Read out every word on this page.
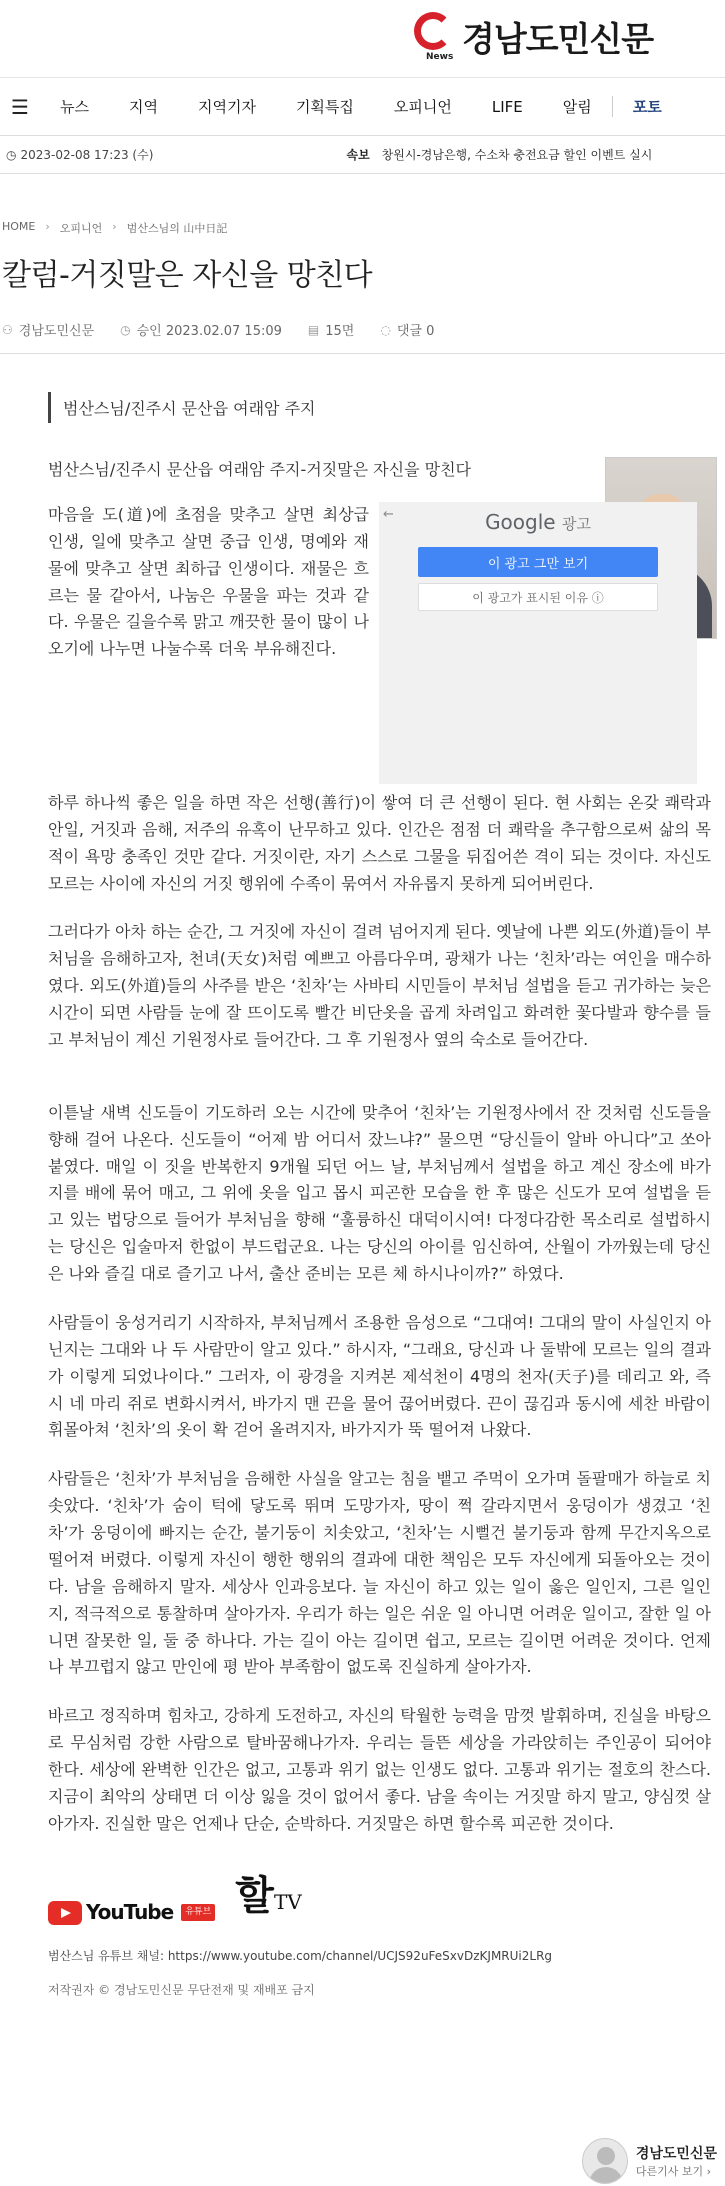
News 경남도민신문
☰	뉴스	지역	지역기자	기획특집	오피니언	LIFE	알림	포토
◷ 2023-02-08 17:23 (수)	속보 창원시-경남은행, 수소차 충전요금 할인 이벤트 실시
HOME › 오피니언 › 범산스님의 山中日記
칼럼-거짓말은 자신을 망친다
⚇ 경남도민신문 ◷ 승인 2023.02.07 15:09 ▤ 15면 ◌ 댓글 0
범산스님/진주시 문산읍 여래암 주지

범산스님/진주시 문산읍 여래암 주지-거짓말은 자신을 망친다

←	Google 광고
이 광고 그만 보기
이 광고가 표시된 이유 ⓘ

마음을 도(道)에 초점을 맞추고 살면 최상급 인생, 일에 맞추고 살면 중급 인생, 명예와 재물에 맞추고 살면 최하급 인생이다. 재물은 흐르는 물 같아서, 나눔은 우물을 파는 것과 같다. 우물은 길을수록 맑고 깨끗한 물이 많이 나오기에 나누면 나눌수록 더욱 부유해진다.

하루 하나씩 좋은 일을 하면 작은 선행(善行)이 쌓여 더 큰 선행이 된다. 현 사회는 온갖 쾌락과 안일, 거짓과 음해, 저주의 유혹이 난무하고 있다. 인간은 점점 더 쾌락을 추구함으로써 삶의 목적이 욕망 충족인 것만 같다. 거짓이란, 자기 스스로 그물을 뒤집어쓴 격이 되는 것이다. 자신도 모르는 사이에 자신의 거짓 행위에 수족이 묶여서 자유롭지 못하게 되어버린다.

그러다가 아차 하는 순간, 그 거짓에 자신이 걸려 넘어지게 된다. 옛날에 나쁜 외도(外道)들이 부처님을 음해하고자, 천녀(天女)처럼 예쁘고 아름다우며, 광채가 나는 ‘친차’라는 여인을 매수하였다. 외도(外道)들의 사주를 받은 ‘친차’는 사바티 시민들이 부처님 설법을 듣고 귀가하는 늦은 시간이 되면 사람들 눈에 잘 뜨이도록 빨간 비단옷을 곱게 차려입고 화려한 꽃다발과 향수를 들고 부처님이 계신 기원정사로 들어간다. 그 후 기원정사 옆의 숙소로 들어간다.

이튿날 새벽 신도들이 기도하러 오는 시간에 맞추어 ‘친차’는 기원정사에서 잔 것처럼 신도들을 향해 걸어 나온다. 신도들이 “어제 밤 어디서 잤느냐?” 물으면 “당신들이 알바 아니다”고 쏘아붙였다. 매일 이 짓을 반복한지 9개월 되던 어느 날, 부처님께서 설법을 하고 계신 장소에 바가지를 배에 묶어 매고, 그 위에 옷을 입고 몹시 피곤한 모습을 한 후 많은 신도가 모여 설법을 듣고 있는 법당으로 들어가 부처님을 향해 “훌륭하신 대덕이시여! 다정다감한 목소리로 설법하시는 당신은 입술마저 한없이 부드럽군요. 나는 당신의 아이를 임신하여, 산월이 가까웠는데 당신은 나와 즐길 대로 즐기고 나서, 출산 준비는 모른 체 하시나이까?” 하였다.

사람들이 웅성거리기 시작하자, 부처님께서 조용한 음성으로 “그대여! 그대의 말이 사실인지 아닌지는 그대와 나 두 사람만이 알고 있다.” 하시자, “그래요, 당신과 나 둘밖에 모르는 일의 결과가 이렇게 되었나이다.” 그러자, 이 광경을 지켜본 제석천이 4명의 천자(天子)를 데리고 와, 즉시 네 마리 쥐로 변화시켜서, 바가지 맨 끈을 물어 끊어버렸다. 끈이 끊김과 동시에 세찬 바람이 휘몰아쳐 ‘친차’의 옷이 확 걷어 올려지자, 바가지가 뚝 떨어져 나왔다.

사람들은 ‘친차’가 부처님을 음해한 사실을 알고는 침을 뱉고 주먹이 오가며 돌팔매가 하늘로 치솟았다. ‘친차’가 숨이 턱에 닿도록 뛰며 도망가자, 땅이 쩍 갈라지면서 웅덩이가 생겼고 ‘친차’가 웅덩이에 빠지는 순간, 불기둥이 치솟았고, ‘친차’는 시뻘건 불기둥과 함께 무간지옥으로 떨어져 버렸다. 이렇게 자신이 행한 행위의 결과에 대한 책임은 모두 자신에게 되돌아오는 것이다. 남을 음해하지 말자. 세상사 인과응보다. 늘 자신이 하고 있는 일이 옳은 일인지, 그른 일인지, 적극적으로 통찰하며 살아가자. 우리가 하는 일은 쉬운 일 아니면 어려운 일이고, 잘한 일 아니면 잘못한 일, 둘 중 하나다. 가는 길이 아는 길이면 쉽고, 모르는 길이면 어려운 것이다. 언제나 부끄럽지 않고 만인에 평 받아 부족함이 없도록 진실하게 살아가자.

바르고 정직하며 힘차고, 강하게 도전하고, 자신의 탁월한 능력을 맘껏 발휘하며, 진실을 바탕으로 무심처럼 강한 사람으로 탈바꿈해나가자. 우리는 들뜬 세상을 가라앉히는 주인공이 되어야 한다. 세상에 완벽한 인간은 없고, 고통과 위기 없는 인생도 없다. 고통과 위기는 절호의 찬스다. 지금이 최악의 상태면 더 이상 잃을 것이 없어서 좋다. 남을 속이는 거짓말 하지 말고, 양심껏 살아가자. 진실한 말은 언제나 단순, 순박하다. 거짓말은 하면 할수록 피곤한 것이다.

YouTube	유튜브 할TV

범산스님 유튜브 채널: https://www.youtube.com/channel/UCJS92uFeSxvDzKJMRUi2LRg

저작권자 © 경남도민신문 무단전재 및 재배포 금지

경남도민신문
다른기사 보기 ›
